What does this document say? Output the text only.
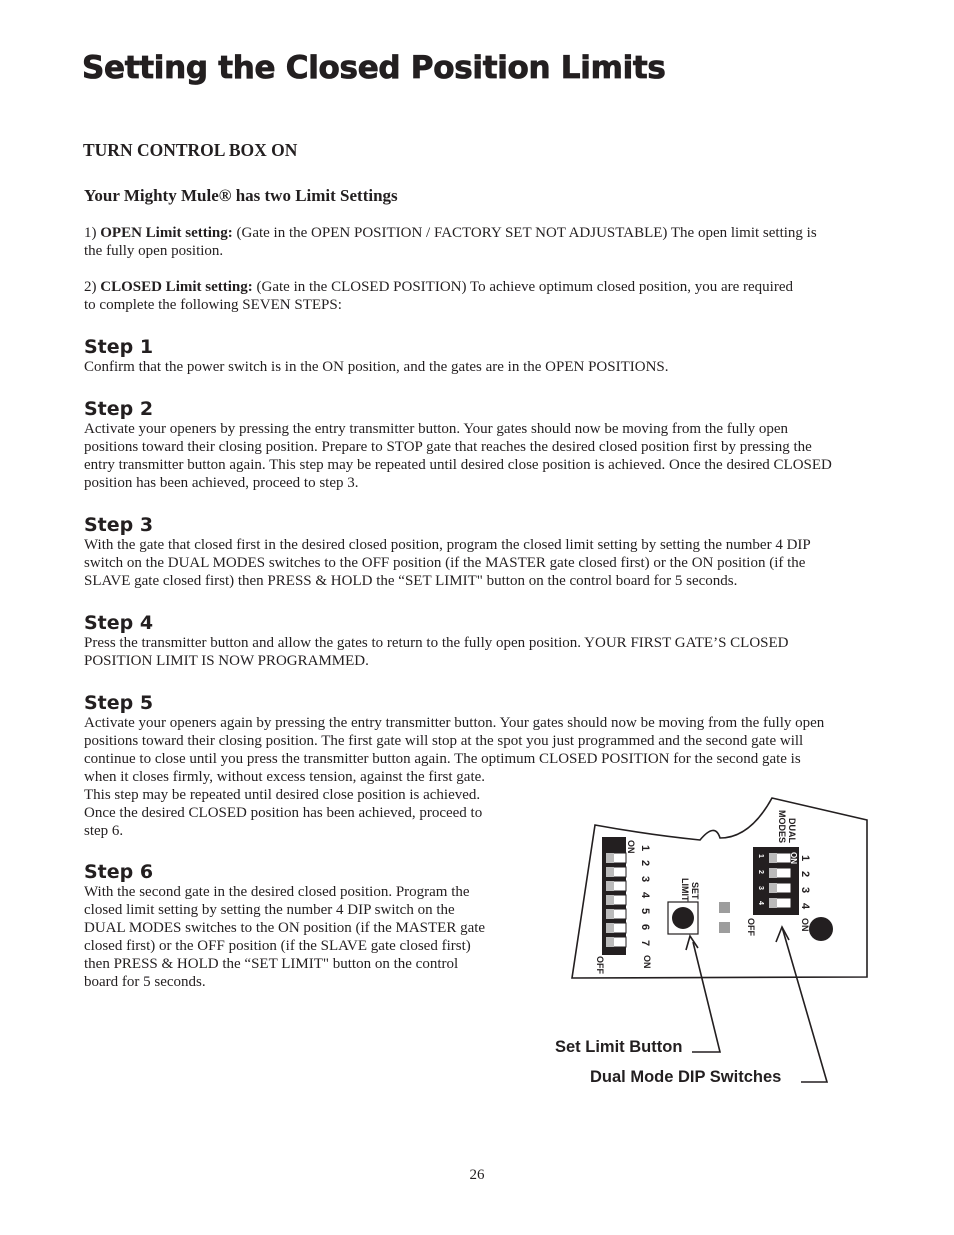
Setting the Closed Position Limits
TURN CONTROL BOX ON
Your Mighty Mule® has two Limit Settings
1) OPEN Limit setting: (Gate in the OPEN POSITION / FACTORY SET NOT ADJUSTABLE) The open limit setting is
the fully open position.
2) CLOSED Limit setting: (Gate in the CLOSED POSITION) To achieve optimum closed position, you are required
to complete the following SEVEN STEPS:
Step 1
Confirm that the power switch is in the ON position, and the gates are in the OPEN POSITIONS.
Step 2
Activate your openers by pressing the entry transmitter button. Your gates should now be moving from the fully open
positions toward their closing position. Prepare to STOP gate that reaches the desired closed position first by pressing the
entry transmitter button again. This step may be repeated until desired close position is achieved. Once the desired CLOSED
position has been achieved, proceed to step 3.
Step 3
With the gate that closed first in the desired closed position, program the closed limit setting by setting the number 4 DIP
switch on the DUAL MODES switches to the OFF position (if the MASTER gate closed first) or the ON position (if the
SLAVE gate closed first) then PRESS & HOLD the “SET LIMIT" button on the control board for 5 seconds.
Step 4
Press the transmitter button and allow the gates to return to the fully open position. YOUR FIRST GATE’S CLOSED
POSITION LIMIT IS NOW PROGRAMMED.
Step 5
Activate your openers again by pressing the entry transmitter button. Your gates should now be moving from the fully open
positions toward their closing position. The first gate will stop at the spot you just programmed and the second gate will
continue to close until you press the transmitter button again. The optimum CLOSED POSITION for the second gate is
when it closes firmly, without excess tension, against the first gate.
This step may be repeated until desired close position is achieved.
Once the desired CLOSED position has been achieved, proceed to
step 6.
Step 6
With the second gate in the desired closed position. Program the
closed limit setting by setting the number 4 DIP switch on the
DUAL MODES switches to the ON position (if the MASTER gate
closed first) or the OFF position (if the SLAVE gate closed first)
then PRESS & HOLD the “SET LIMIT" button on the control
board for 5 seconds.
ON
OFF	ON
1
2
3
4
5
6
7
6
7
SET
LIMIT
DUAL
MODES
ON
1
2
3
4
OFF	ON
1
2
3
4
Set Limit Button
Dual Mode DIP Switches
26
